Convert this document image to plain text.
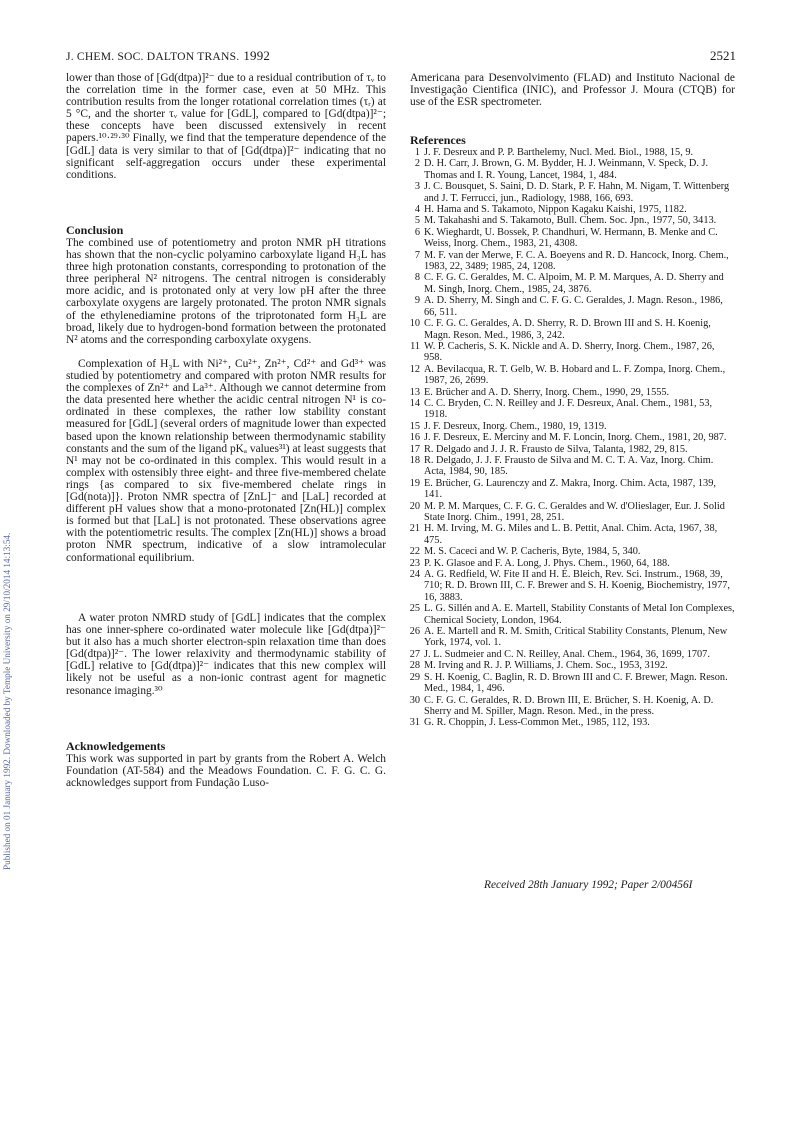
Published on 01 January 1992. Downloaded by Temple University on 29/10/2014 14:13:54.
J. CHEM. SOC. DALTON TRANS. 1992	2521

lower than those of [Gd(dtpa)]²⁻ due to a residual contribution of τᵥ to the correlation time in the former case, even at 50 MHz. This contribution results from the longer rotational correlation times (τᵣ) at 5 °C, and the shorter τᵥ value for [GdL], compared to [Gd(dtpa)]²⁻; these concepts have been discussed extensively in recent papers.¹⁰·²⁹·³⁰ Finally, we find that the temperature dependence of the [GdL] data is very similar to that of [Gd(dtpa)]²⁻ indicating that no significant self-aggregation occurs under these experimental conditions.

Conclusion

The combined use of potentiometry and proton NMR pH titrations has shown that the non-cyclic polyamino carboxylate ligand H₃L has three high protonation constants, corresponding to protonation of the three peripheral N² nitrogens. The central nitrogen is considerably more acidic, and is protonated only at very low pH after the three carboxylate oxygens are largely protonated. The proton NMR signals of the ethylenediamine protons of the triprotonated form H₃L are broad, likely due to hydrogen-bond formation between the protonated N² atoms and the corresponding carboxylate oxygens.

Complexation of H₃L with Ni²⁺, Cu²⁺, Zn²⁺, Cd²⁺ and Gd³⁺ was studied by potentiometry and compared with proton NMR results for the complexes of Zn²⁺ and La³⁺. Although we cannot determine from the data presented here whether the acidic central nitrogen N¹ is co-ordinated in these complexes, the rather low stability constant measured for [GdL] (several orders of magnitude lower than expected based upon the known relationship between thermodynamic stability constants and the sum of the ligand pKₐ values³¹) at least suggests that N¹ may not be co-ordinated in this complex. This would result in a complex with ostensibly three eight- and three five-membered chelate rings {as compared to six five-membered chelate rings in [Gd(nota)]}. Proton NMR spectra of [ZnL]⁻ and [LaL] recorded at different pH values show that a mono-protonated [Zn(HL)] complex is formed but that [LaL] is not protonated. These observations agree with the potentiometric results. The complex [Zn(HL)] shows a broad proton NMR spectrum, indicative of a slow intramolecular conformational equilibrium.

A water proton NMRD study of [GdL] indicates that the complex has one inner-sphere co-ordinated water molecule like [Gd(dtpa)]²⁻ but it also has a much shorter electron-spin relaxation time than does [Gd(dtpa)]²⁻. The lower relaxivity and thermodynamic stability of [GdL] relative to [Gd(dtpa)]²⁻ indicates that this new complex will likely not be useful as a non-ionic contrast agent for magnetic resonance imaging.³⁰

Acknowledgements

This work was supported in part by grants from the Robert A. Welch Foundation (AT-584) and the Meadows Foundation. C. F. G. C. G. acknowledges support from Fundação Luso-

Americana para Desenvolvimento (FLAD) and Instituto Nacional de Investigação Cientifica (INIC), and Professor J. Moura (CTQB) for use of the ESR spectrometer.

References

1 J. F. Desreux and P. P. Barthelemy, Nucl. Med. Biol., 1988, 15, 9.
2 D. H. Carr, J. Brown, G. M. Bydder, H. J. Weinmann, V. Speck, D. J. Thomas and I. R. Young, Lancet, 1984, 1, 484.
3 J. C. Bousquet, S. Saini, D. D. Stark, P. F. Hahn, M. Nigam, T. Wittenberg and J. T. Ferrucci, jun., Radiology, 1988, 166, 693.
4 H. Hama and S. Takamoto, Nippon Kagaku Kaishi, 1975, 1182.
5 M. Takahashi and S. Takamoto, Bull. Chem. Soc. Jpn., 1977, 50, 3413.
6 K. Wieghardt, U. Bossek, P. Chandhuri, W. Hermann, B. Menke and C. Weiss, Inorg. Chem., 1983, 21, 4308.
7 M. F. van der Merwe, F. C. A. Boeyens and R. D. Hancock, Inorg. Chem., 1983, 22, 3489; 1985, 24, 1208.
8 C. F. G. C. Geraldes, M. C. Alpoim, M. P. M. Marques, A. D. Sherry and M. Singh, Inorg. Chem., 1985, 24, 3876.
9 A. D. Sherry, M. Singh and C. F. G. C. Geraldes, J. Magn. Reson., 1986, 66, 511.
10 C. F. G. C. Geraldes, A. D. Sherry, R. D. Brown III and S. H. Koenig, Magn. Reson. Med., 1986, 3, 242.
11 W. P. Cacheris, S. K. Nickle and A. D. Sherry, Inorg. Chem., 1987, 26, 958.
12 A. Bevilacqua, R. T. Gelb, W. B. Hobard and L. F. Zompa, Inorg. Chem., 1987, 26, 2699.
13 E. Brücher and A. D. Sherry, Inorg. Chem., 1990, 29, 1555.
14 C. C. Bryden, C. N. Reilley and J. F. Desreux, Anal. Chem., 1981, 53, 1918.
15 J. F. Desreux, Inorg. Chem., 1980, 19, 1319.
16 J. F. Desreux, E. Merciny and M. F. Loncin, Inorg. Chem., 1981, 20, 987.
17 R. Delgado and J. J. R. Frausto de Silva, Talanta, 1982, 29, 815.
18 R. Delgado, J. J. F. Frausto de Silva and M. C. T. A. Vaz, Inorg. Chim. Acta, 1984, 90, 185.
19 E. Brücher, G. Laurenczy and Z. Makra, Inorg. Chim. Acta, 1987, 139, 141.
20 M. P. M. Marques, C. F. G. C. Geraldes and W. d'Olieslager, Eur. J. Solid State Inorg. Chim., 1991, 28, 251.
21 H. M. Irving, M. G. Miles and L. B. Pettit, Anal. Chim. Acta, 1967, 38, 475.
22 M. S. Caceci and W. P. Cacheris, Byte, 1984, 5, 340.
23 P. K. Glasoe and F. A. Long, J. Phys. Chem., 1960, 64, 188.
24 A. G. Redfield, W. Fite II and H. E. Bleich, Rev. Sci. Instrum., 1968, 39, 710; R. D. Brown III, C. F. Brewer and S. H. Koenig, Biochemistry, 1977, 16, 3883.
25 L. G. Sillén and A. E. Martell, Stability Constants of Metal Ion Complexes, Chemical Society, London, 1964.
26 A. E. Martell and R. M. Smith, Critical Stability Constants, Plenum, New York, 1974, vol. 1.
27 J. L. Sudmeier and C. N. Reilley, Anal. Chem., 1964, 36, 1699, 1707.
28 M. Irving and R. J. P. Williams, J. Chem. Soc., 1953, 3192.
29 S. H. Koenig, C. Baglin, R. D. Brown III and C. F. Brewer, Magn. Reson. Med., 1984, 1, 496.
30 C. F. G. C. Geraldes, R. D. Brown III, E. Brücher, S. H. Koenig, A. D. Sherry and M. Spiller, Magn. Reson. Med., in the press.
31 G. R. Choppin, J. Less-Common Met., 1985, 112, 193.
Received 28th January 1992; Paper 2/00456I
